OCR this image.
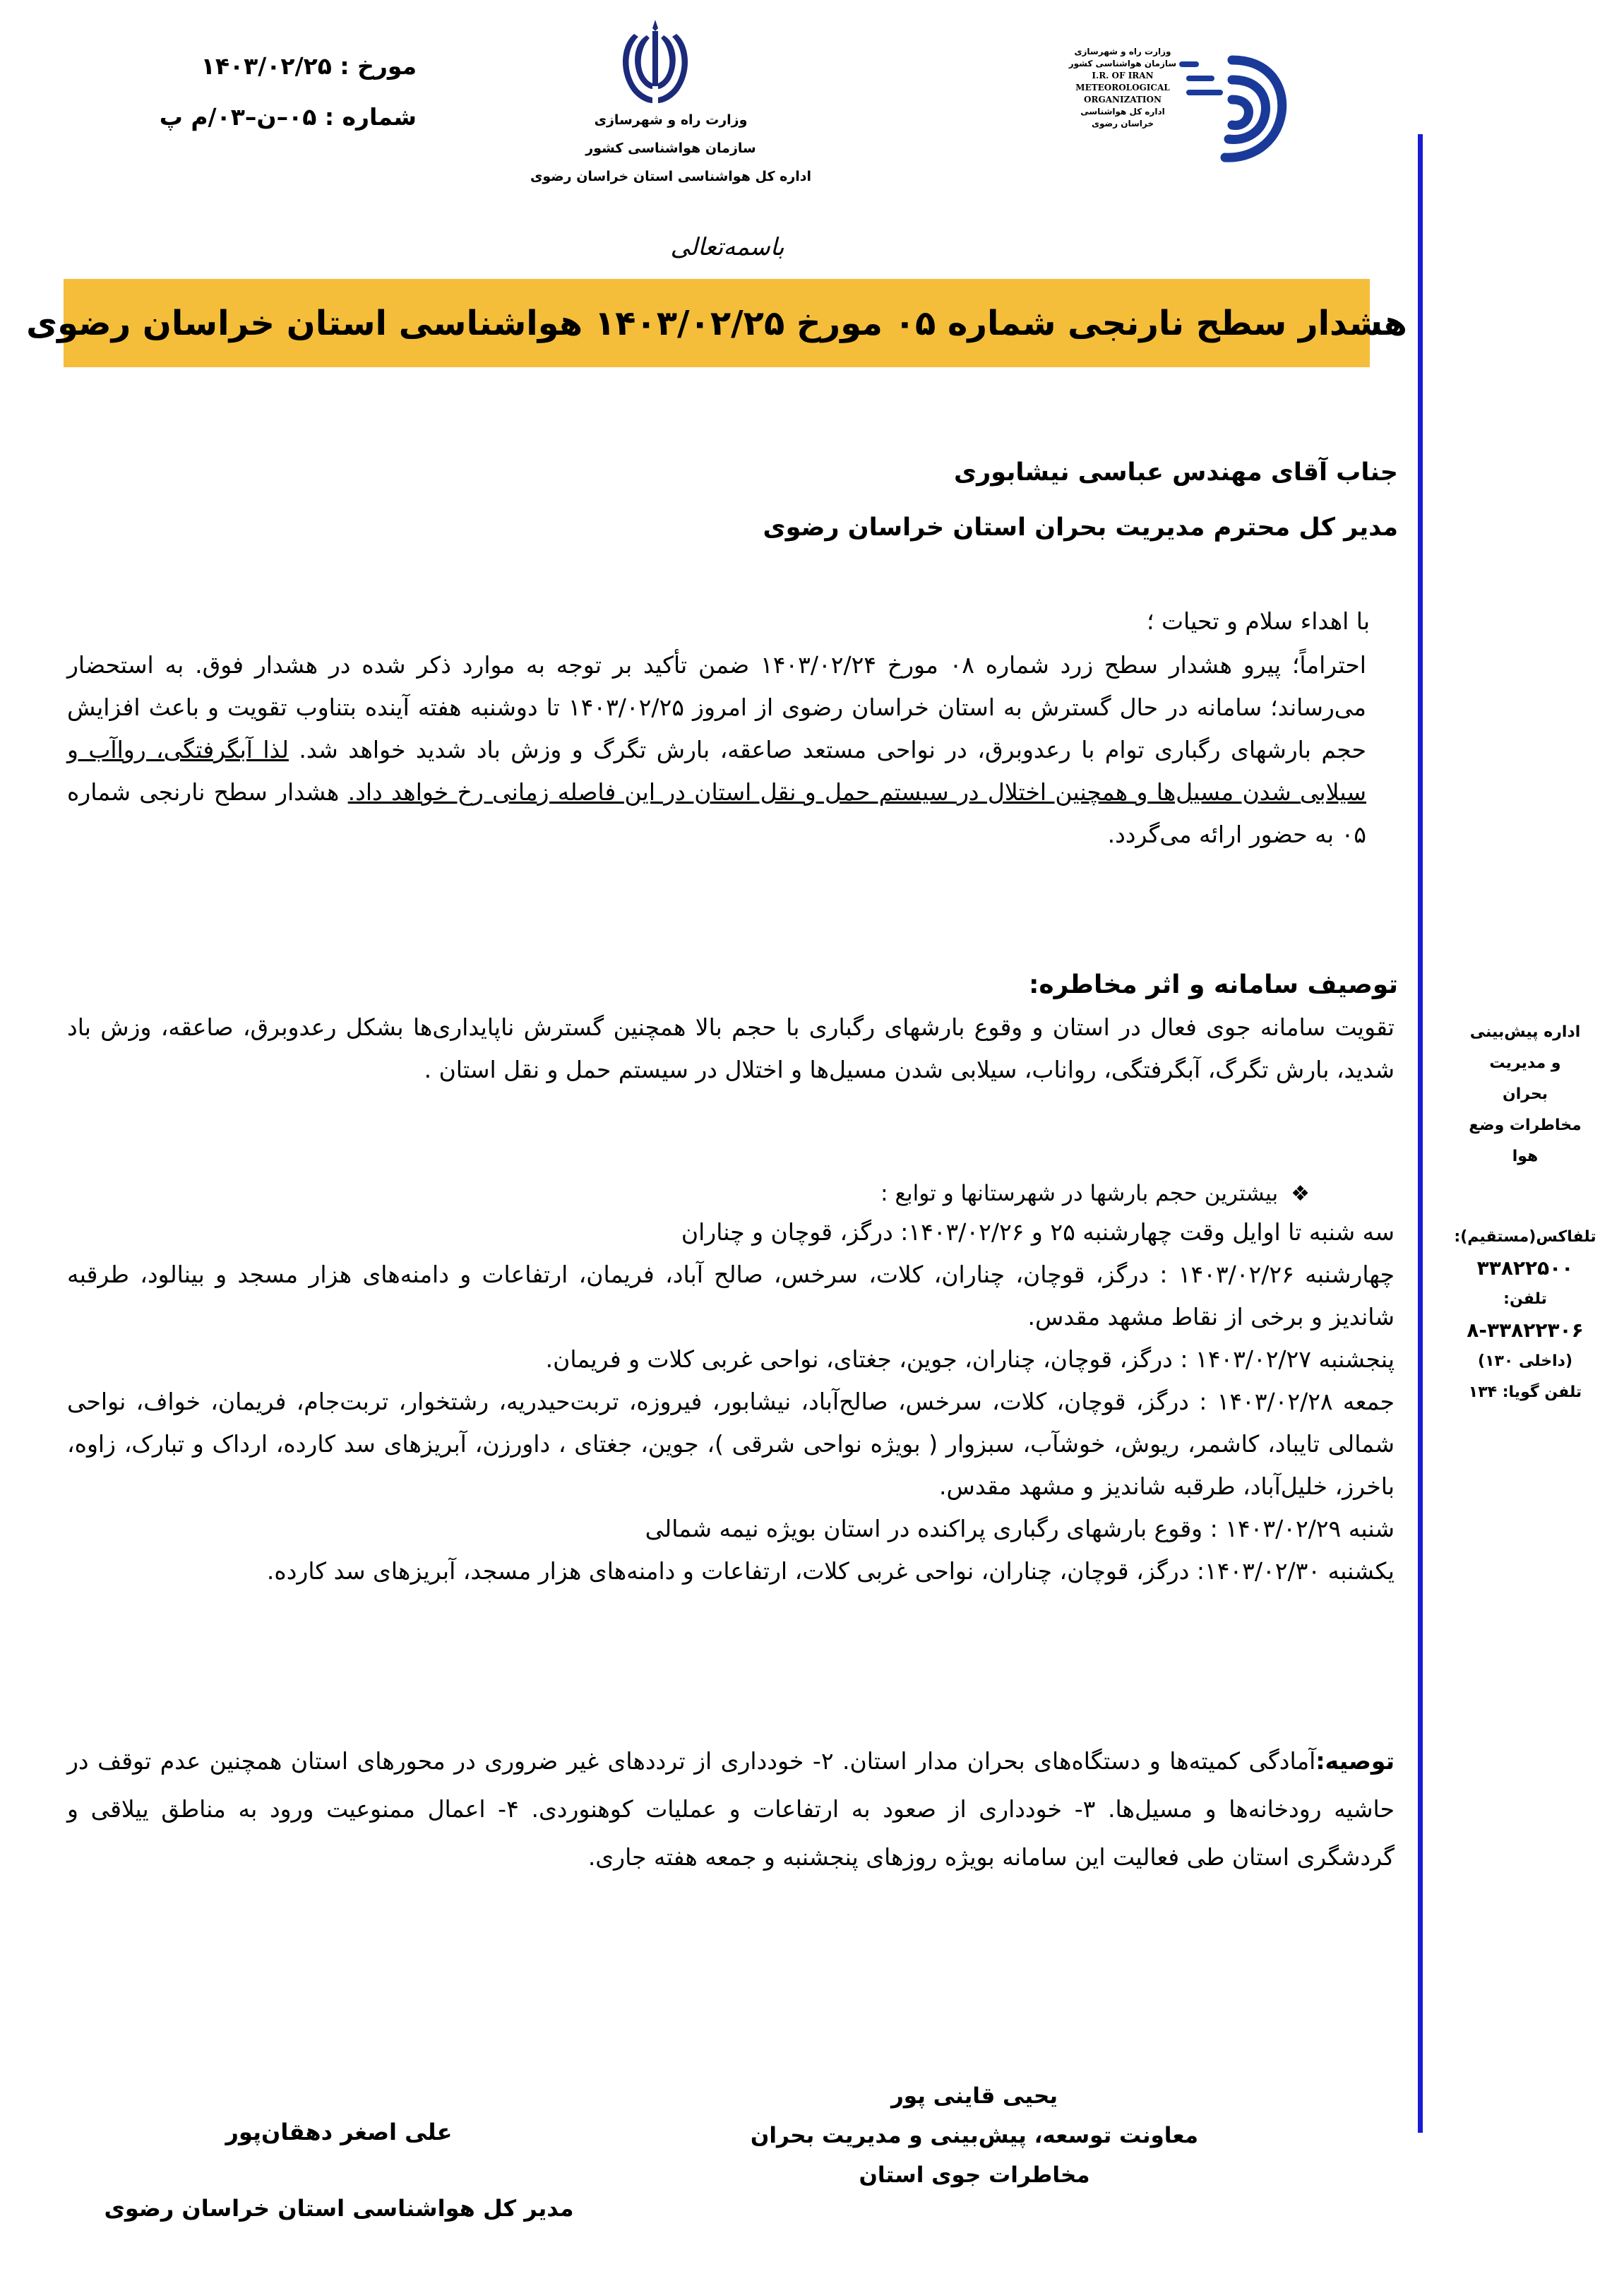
مورخ : ۱۴۰۳/۰۲/۲۵
شماره : ۰۵–ن–۰۳/م پ	وزارت راه و شهرسازی
سازمان هواشناسی کشور
اداره کل هواشناسی استان خراسان رضوی
وزارت راه و شهرسازی
سازمان هواشناسی کشور
I.R. OF IRAN
METEOROLOGICAL
ORGANIZATION
اداره کل هواشناسی
خراسان رضوی
باسمه‌تعالی
هشدار سطح نارنجی شماره ۰۵ مورخ ۱۴۰۳/۰۲/۲۵ هواشناسی استان خراسان رضوی
اداره پیش‌بینی
و مدیریت
بحران
مخاطرات وضع
هوا
تلفاکس(مستقیم):
۳۳۸۲۲۵۰۰
تلفن:
۸-۳۳۸۲۲۳۰۶
(داخلی ۱۳۰)
تلفن گویا: ۱۳۴
جناب آقای مهندس عباسی نیشابوری
مدیر کل محترم مدیریت بحران استان خراسان رضوی
با اهداء سلام و تحیات ؛
احتراماً؛ پیرو هشدار سطح زرد شماره ۰۸ مورخ ۱۴۰۳/۰۲/۲۴ ضمن تأکید بر توجه به موارد ذکر شده در هشدار فوق. به استحضار می‌رساند؛ سامانه در حال گسترش به استان خراسان رضوی از امروز ۱۴۰۳/۰۲/۲۵ تا دوشنبه هفته آینده بتناوب تقویت و باعث افزایش حجم بارشهای رگباری توام با رعدوبرق، در نواحی مستعد صاعقه، بارش تگرگ و وزش باد شدید خواهد شد. لذا آبگرفتگی، رواآب و سیلابی شدن مسیل‌ها و همچنین اختلال در سیستم حمل و نقل استان در این فاصله زمانی رخ خواهد داد. هشدار سطح نارنجی شماره ۰۵ به حضور ارائه می‌گردد.
توصیف سامانه و اثر مخاطره:
تقویت سامانه جوی فعال در استان و وقوع بارشهای رگباری با حجم بالا همچنین گسترش ناپایداری‌ها بشکل رعدوبرق، صاعقه، وزش باد شدید، بارش تگرگ، آبگرفتگی، رواناب، سیلابی شدن مسیل‌ها و اختلال در سیستم حمل و نقل استان .
❖بیشترین حجم بارشها در شهرستانها و توابع :
سه شنبه تا اوایل وقت چهارشنبه ۲۵ و ۱۴۰۳/۰۲/۲۶: درگز، قوچان و چناران
چهارشنبه ۱۴۰۳/۰۲/۲۶ : درگز، قوچان، چناران، کلات، سرخس، صالح آباد، فریمان، ارتفاعات و دامنه‌های هزار مسجد و بینالود، طرقبه شاندیز و برخی از نقاط مشهد مقدس.
پنجشنبه ۱۴۰۳/۰۲/۲۷ : درگز، قوچان، چناران، جوین، جغتای، نواحی غربی کلات و فریمان.
جمعه ۱۴۰۳/۰۲/۲۸ : درگز، قوچان، کلات، سرخس، صالح‌آباد، نیشابور، فیروزه، تربت‌حیدریه، رشتخوار، تربت‌جام، فریمان، خواف، نواحی شمالی تایباد، کاشمر، ریوش، خوشآب، سبزوار ( بویژه نواحی شرقی )، جوین، جغتای ، داورزن، آبریزهای سد کارده، ارداک و تبارک، زاوه، باخرز، خلیل‌آباد، طرقبه شاندیز و مشهد مقدس.
شنبه ۱۴۰۳/۰۲/۲۹ : وقوع بارشهای رگباری پراکنده در استان بویژه نیمه شمالی
یکشنبه ۱۴۰۳/۰۲/۳۰: درگز، قوچان، چناران، نواحی غربی کلات، ارتفاعات و دامنه‌های هزار مسجد، آبریزهای سد کارده.
توصیه:آمادگی کمیته‌ها و دستگاه‌های بحران مدار استان. ۲- خودداری از ترددهای غیر ضروری در محورهای استان همچنین عدم توقف در حاشیه رودخانه‌ها و مسیل‌ها. ۳- خودداری از صعود به ارتفاعات و عملیات کوهنوردی. ۴- اعمال ممنوعیت ورود به مناطق ییلاقی و گردشگری استان طی فعالیت این سامانه بویژه روزهای پنجشنبه و جمعه هفته جاری.
علی اصغر دهقان‌پور
مدیر کل هواشناسی استان خراسان رضوی
یحیی قاینی پور
معاونت توسعه، پیش‌بینی و مدیریت بحران
مخاطرات جوی استان
